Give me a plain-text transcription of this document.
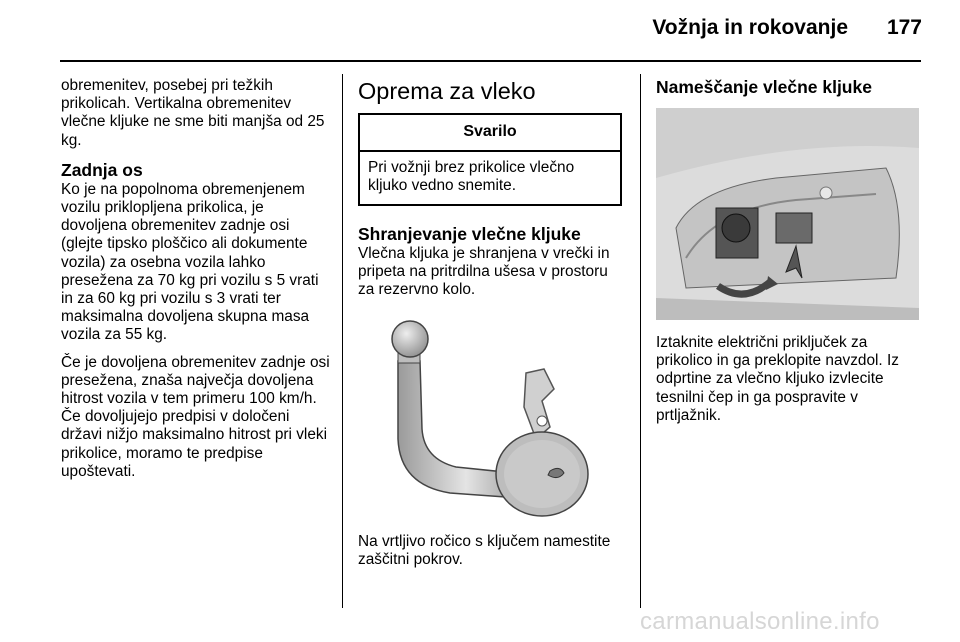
Vožnja in rokovanje	177

obremenitev, posebej pri težkih prikolicah. Vertikalna obremenitev vlečne kljuke ne sme biti manjša od 25 kg.

Zadnja os

Ko je na popolnoma obremenjenem vozilu priklopljena prikolica, je dovoljena obremenitev zadnje osi (glejte tipsko ploščico ali dokumente vozila) za osebna vozila lahko presežena za 70 kg pri vozilu s 5 vrati in za 60 kg pri vozilu s 3 vrati ter maksimalna dovoljena skupna masa vozila za 55 kg.

Če je dovoljena obremenitev zadnje osi presežena, znaša največja dovoljena hitrost vozila v tem primeru 100 km/h. Če dovoljujejo predpisi v določeni državi nižjo maksimalno hitrost pri vleki prikolice, moramo te predpise upoštevati.

Oprema za vleko
Svarilo
Pri vožnji brez prikolice vlečno kljuko vedno snemite.
Shranjevanje vlečne kljuke

Vlečna kljuka je shranjena v vrečki in pripeta na pritrdilna ušesa v prostoru za rezervno kolo.

Na vrtljivo ročico s ključem namestite zaščitni pokrov.

Nameščanje vlečne kljuke

Iztaknite električni priključek za prikolico in ga preklopite navzdol. Iz odprtine za vlečno kljuko izvlecite tesnilni čep in ga pospravite v prtljažnik.

carmanualsonline.info
